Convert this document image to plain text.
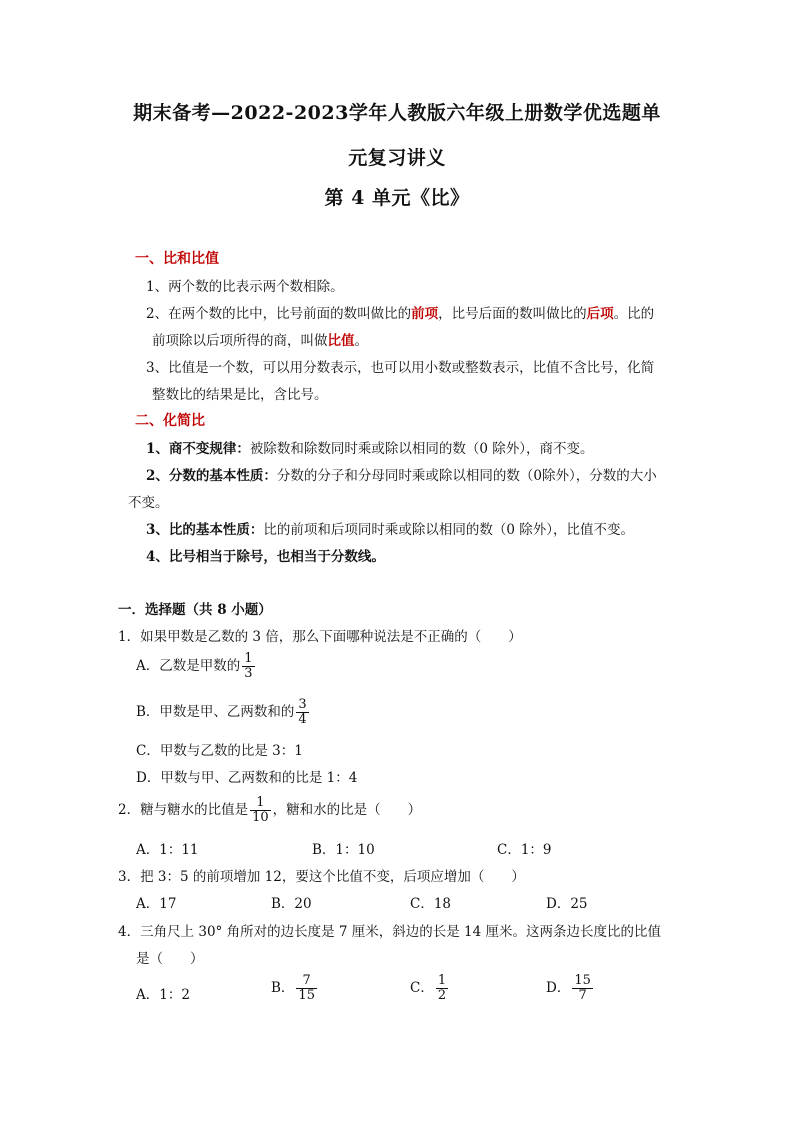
期末备考—2022-2023学年人教版六年级上册数学优选题单
元复习讲义
第 4 单元《比》
一、比和比值
1、两个数的比表示两个数相除。
2、在两个数的比中，比号前面的数叫做比的前项，比号后面的数叫做比的后项。比的
前项除以后项所得的商，叫做比值。
3、比值是一个数，可以用分数表示，也可以用小数或整数表示，比值不含比号，化简
整数比的结果是比，含比号。
二、化简比
1、商不变规律：被除数和除数同时乘或除以相同的数（0 除外），商不变。
2、分数的基本性质：分数的分子和分母同时乘或除以相同的数（0除外），分数的大小
不变。
3、比的基本性质：比的前项和后项同时乘或除以相同的数（0 除外），比值不变。
4、比号相当于除号，也相当于分数线。
一．选择题（共 8 小题）
1．如果甲数是乙数的 3 倍，那么下面哪种说法是不正确的（　　）
A．乙数是甲数的 $\frac{1}{3}$
B．甲数是甲、乙两数和的 $\frac{3}{4}$
C．甲数与乙数的比是 3：1
D．甲数与甲、乙两数和的比是 1：4
2．糖与糖水的比值是 $\frac{1}{10}$ ，糖和水的比是（　　）
A．1：11	B．1：10	C．1：9
3．把 3：5 的前项增加 12，要这个比值不变，后项应增加（　　）
A．17	B．20	C．18	D．25
4．三角尺上 30° 角所对的边长度是 7 厘米，斜边的长是 14 厘米。这两条边长度比的比值
是（　　）
A．1：2	B． $\frac{7}{15}$	C． $\frac{1}{2}$	D． $\frac{15}{7}$
